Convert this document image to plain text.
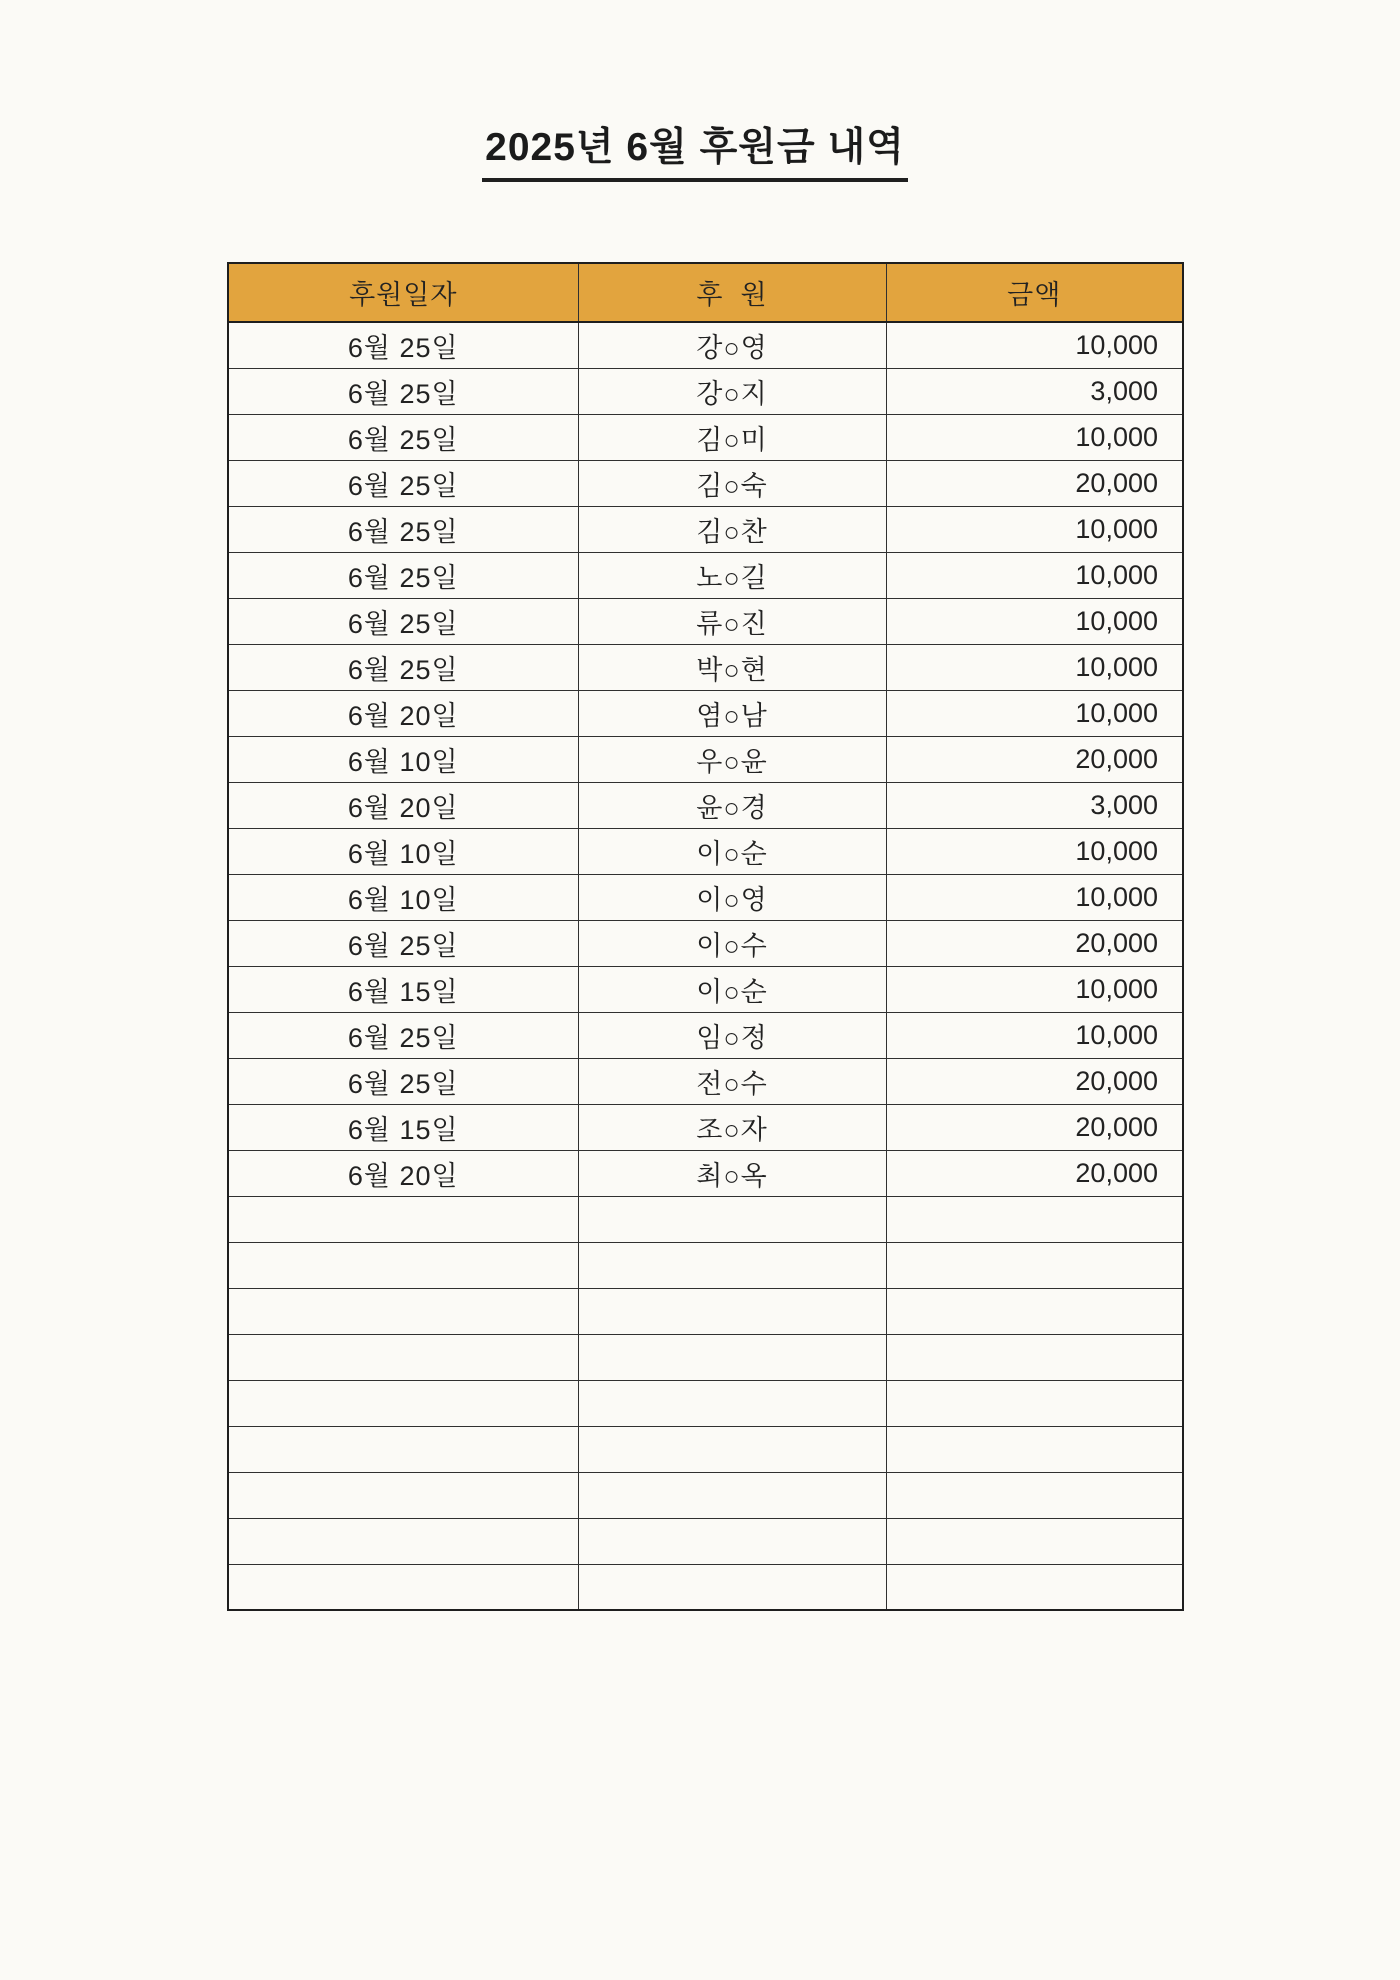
2025년 6월 후원금 내역
후원일자	후  원	금액
6월 25일	강○영	10,000
6월 25일	강○지	3,000
6월 25일	김○미	10,000
6월 25일	김○숙	20,000
6월 25일	김○찬	10,000
6월 25일	노○길	10,000
6월 25일	류○진	10,000
6월 25일	박○현	10,000
6월 20일	염○남	10,000
6월 10일	우○윤	20,000
6월 20일	윤○경	3,000
6월 10일	이○순	10,000
6월 10일	이○영	10,000
6월 25일	이○수	20,000
6월 15일	이○순	10,000
6월 25일	임○정	10,000
6월 25일	전○수	20,000
6월 15일	조○자	20,000
6월 20일	최○옥	20,000
